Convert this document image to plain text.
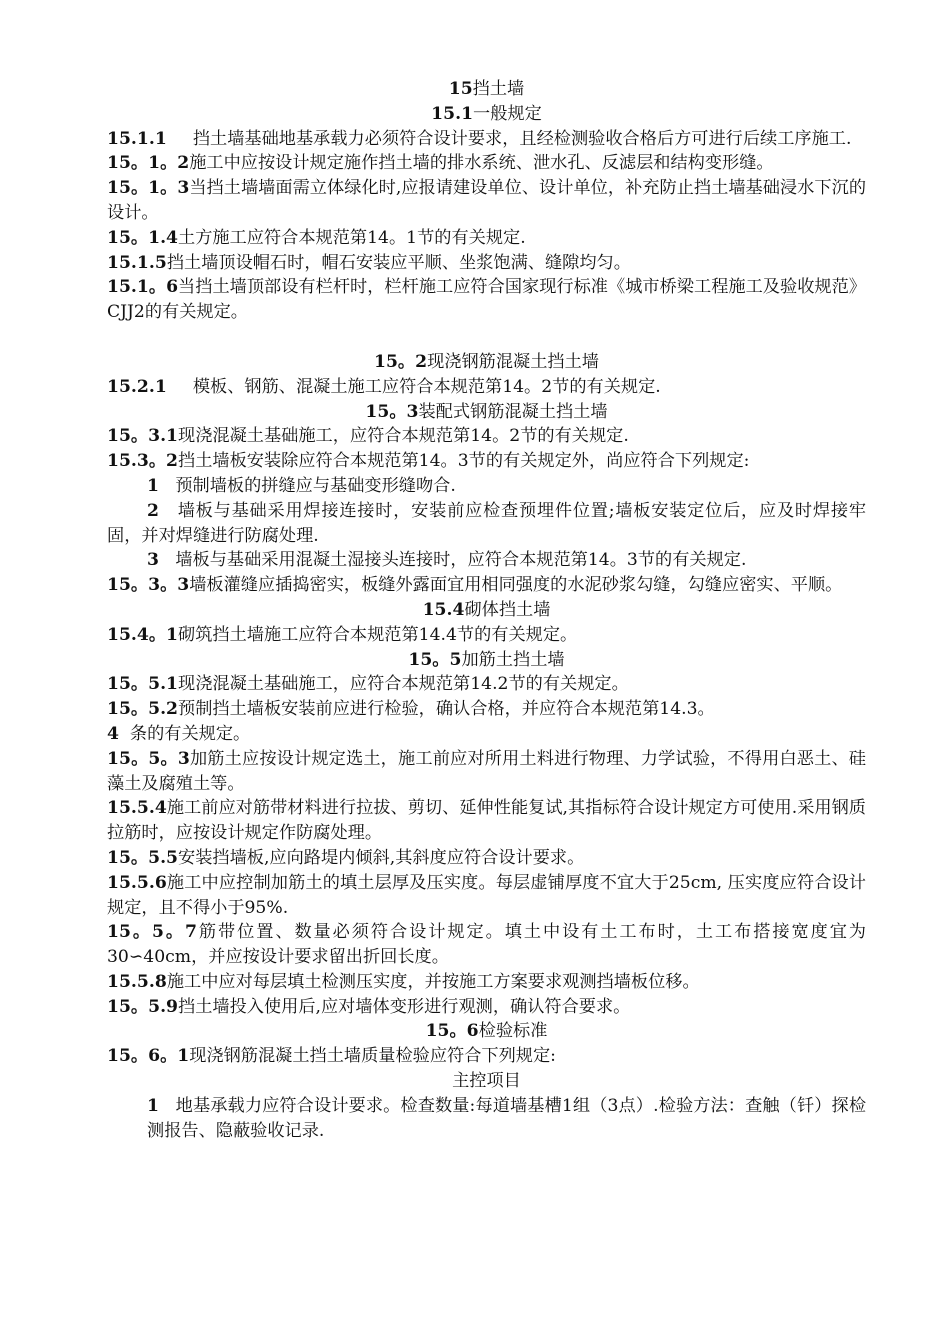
15挡土墙

15.1一般规定

15.1.1 挡土墙基础地基承载力必须符合设计要求，且经检测验收合格后方可进行后续工序施工.

15。1。2施工中应按设计规定施作挡土墙的排水系统、泄水孔、反滤层和结构变形缝。

15。1。3当挡土墙墙面需立体绿化时,应报请建设单位、设计单位，补充防止挡土墙基础浸水下沉的设计。

15。1.4土方施工应符合本规范第14。1节的有关规定.

15.1.5挡土墙顶设帽石时，帽石安装应平顺、坐浆饱满、缝隙均匀。

15.1。6当挡土墙顶部设有栏杆时，栏杆施工应符合国家现行标准《城市桥梁工程施工及验收规范》CJJ2的有关规定。

15。2现浇钢筋混凝土挡土墙

15.2.1 模板、钢筋、混凝土施工应符合本规范第14。2节的有关规定.

15。3装配式钢筋混凝土挡土墙

15。3.1现浇混凝土基础施工，应符合本规范第14。2节的有关规定.

15.3。2挡土墙板安装除应符合本规范第14。3节的有关规定外，尚应符合下列规定:

1 预制墙板的拼缝应与基础变形缝吻合.

2 墙板与基础采用焊接连接时，安装前应检查预埋件位置;墙板安装定位后，应及时焊接牢固，并对焊缝进行防腐处理.

3 墙板与基础采用混凝土湿接头连接时，应符合本规范第14。3节的有关规定.

15。3。3墙板灌缝应插捣密实，板缝外露面宜用相同强度的水泥砂浆勾缝，勾缝应密实、平顺。

15.4砌体挡土墙

15.4。1砌筑挡土墙施工应符合本规范第14.4节的有关规定。

15。5加筋土挡土墙

15。5.1现浇混凝土基础施工，应符合本规范第14.2节的有关规定。

15。5.2预制挡土墙板安装前应进行检验，确认合格，并应符合本规范第14.3。

4 条的有关规定。

15。5。3加筋土应按设计规定选土，施工前应对所用土料进行物理、力学试验，不得用白恶土、硅藻土及腐殖土等。

15.5.4施工前应对筋带材料进行拉拔、剪切、延伸性能复试,其指标符合设计规定方可使用.采用钢质拉筋时，应按设计规定作防腐处理。

15。5.5安装挡墙板,应向路堤内倾斜,其斜度应符合设计要求。

15.5.6施工中应控制加筋土的填土层厚及压实度。每层虚铺厚度不宜大于25cm, 压实度应符合设计规定，且不得小于95%.

15。5。7筋带位置、数量必须符合设计规定。填土中设有土工布时，土工布搭接宽度宜为30∽40cm，并应按设计要求留出折回长度。

15.5.8施工中应对每层填土检测压实度，并按施工方案要求观测挡墙板位移。

15。5.9挡土墙投入使用后,应对墙体变形进行观测，确认符合要求。

15。6检验标准

15。6。1现浇钢筋混凝土挡土墙质量检验应符合下列规定:

主控项目

1 地基承载力应符合设计要求。检查数量:每道墙基槽1组（3点）.检验方法：查触（钎）探检测报告、隐蔽验收记录.
